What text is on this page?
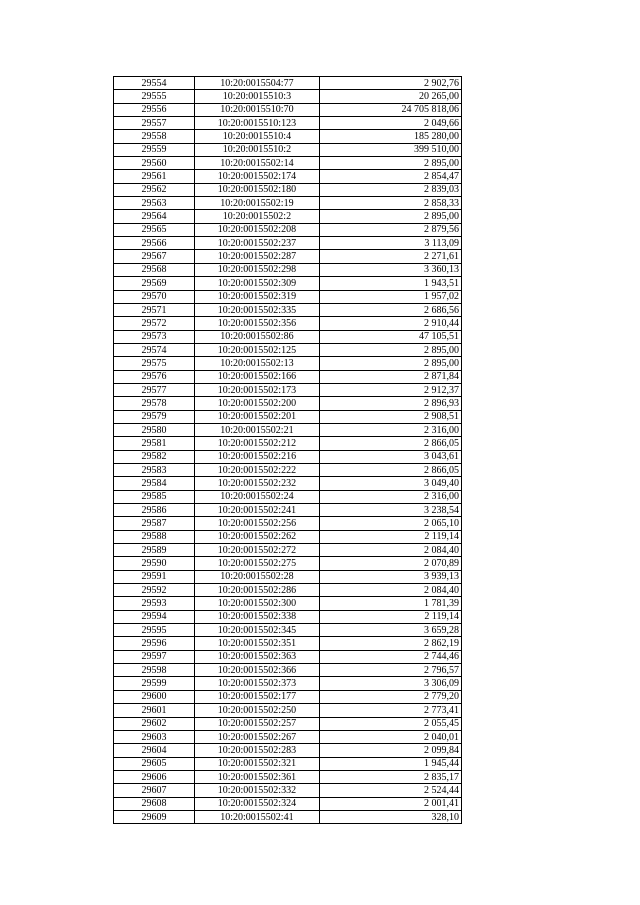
29554	10:20:0015504:77	2 902,76
29555	10:20:0015510:3	20 265,00
29556	10:20:0015510:70	24 705 818,06
29557	10:20:0015510:123	2 049,66
29558	10:20:0015510:4	185 280,00
29559	10:20:0015510:2	399 510,00
29560	10:20:0015502:14	2 895,00
29561	10:20:0015502:174	2 854,47
29562	10:20:0015502:180	2 839,03
29563	10:20:0015502:19	2 858,33
29564	10:20:0015502:2	2 895,00
29565	10:20:0015502:208	2 879,56
29566	10:20:0015502:237	3 113,09
29567	10:20:0015502:287	2 271,61
29568	10:20:0015502:298	3 360,13
29569	10:20:0015502:309	1 943,51
29570	10:20:0015502:319	1 957,02
29571	10:20:0015502:335	2 686,56
29572	10:20:0015502:356	2 910,44
29573	10:20:0015502:86	47 105,51
29574	10:20:0015502:125	2 895,00
29575	10:20:0015502:13	2 895,00
29576	10:20:0015502:166	2 871,84
29577	10:20:0015502:173	2 912,37
29578	10:20:0015502:200	2 896,93
29579	10:20:0015502:201	2 908,51
29580	10:20:0015502:21	2 316,00
29581	10:20:0015502:212	2 866,05
29582	10:20:0015502:216	3 043,61
29583	10:20:0015502:222	2 866,05
29584	10:20:0015502:232	3 049,40
29585	10:20:0015502:24	2 316,00
29586	10:20:0015502:241	3 238,54
29587	10:20:0015502:256	2 065,10
29588	10:20:0015502:262	2 119,14
29589	10:20:0015502:272	2 084,40
29590	10:20:0015502:275	2 070,89
29591	10:20:0015502:28	3 939,13
29592	10:20:0015502:286	2 084,40
29593	10:20:0015502:300	1 781,39
29594	10:20:0015502:338	2 119,14
29595	10:20:0015502:345	3 659,28
29596	10:20:0015502:351	2 862,19
29597	10:20:0015502:363	2 744,46
29598	10:20:0015502:366	2 796,57
29599	10:20:0015502:373	3 306,09
29600	10:20:0015502:177	2 779,20
29601	10:20:0015502:250	2 773,41
29602	10:20:0015502:257	2 055,45
29603	10:20:0015502:267	2 040,01
29604	10:20:0015502:283	2 099,84
29605	10:20:0015502:321	1 945,44
29606	10:20:0015502:361	2 835,17
29607	10:20:0015502:332	2 524,44
29608	10:20:0015502:324	2 001,41
29609	10:20:0015502:41	328,10
